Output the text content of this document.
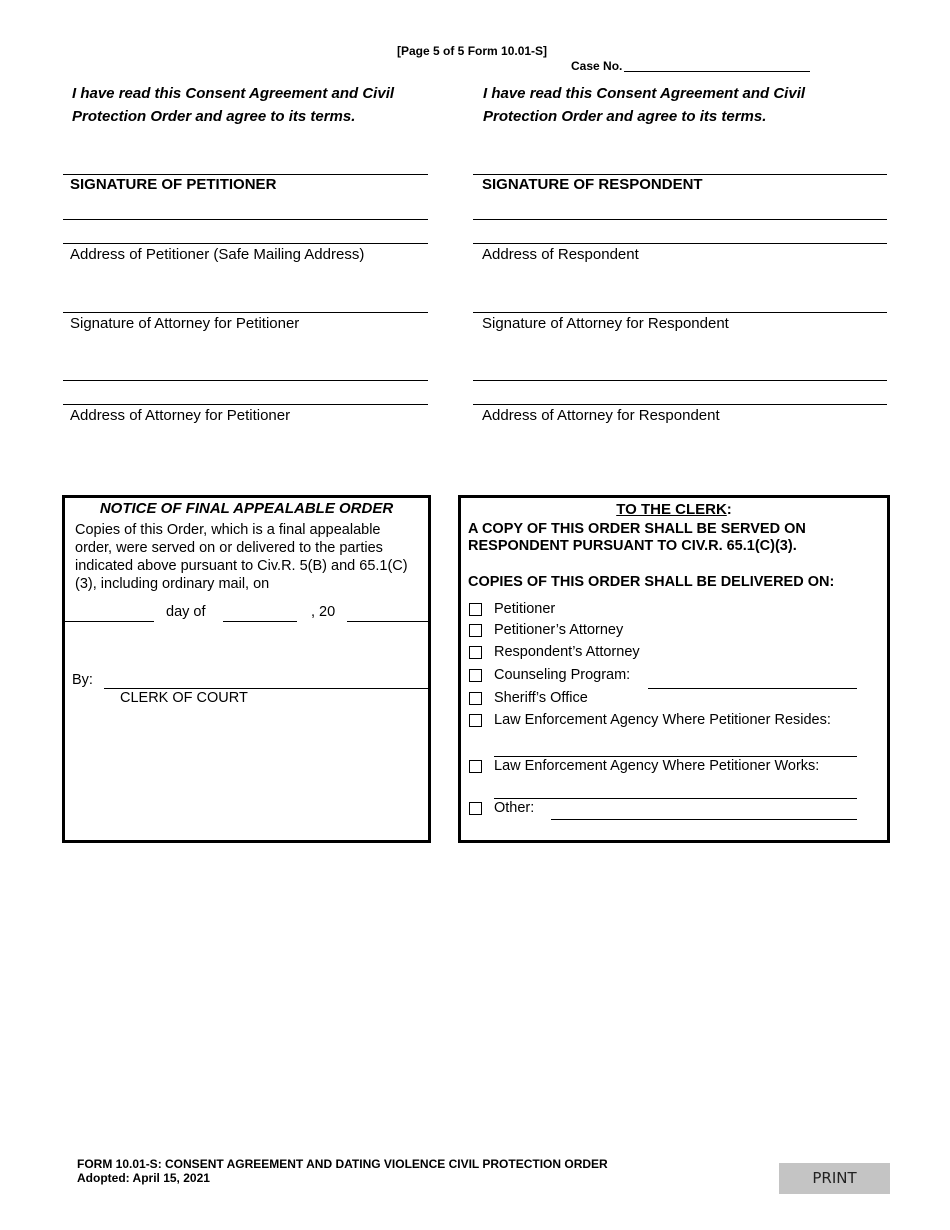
[Page 5 of 5 Form 10.01-S]
Case No.
I have read this Consent Agreement and Civil Protection Order and agree to its terms.
SIGNATURE OF PETITIONER
Address of Petitioner (Safe Mailing Address)
Signature of Attorney for Petitioner
Address of Attorney for Petitioner
I have read this Consent Agreement and Civil Protection Order and agree to its terms.
SIGNATURE OF RESPONDENT
Address of Respondent
Signature of Attorney for Respondent
Address of Attorney for Respondent
NOTICE OF FINAL APPEALABLE ORDER
Copies of this Order, which is a final appealable order, were served on or delivered to the parties indicated above pursuant to Civ.R. 5(B) and 65.1(C)(3), including ordinary mail, on
day of	, 20
By:
CLERK OF COURT
TO THE CLERK:
A COPY OF THIS ORDER SHALL BE SERVED ON RESPONDENT PURSUANT TO CIV.R. 65.1(C)(3).
COPIES OF THIS ORDER SHALL BE DELIVERED ON:
Petitioner
Petitioner’s Attorney
Respondent’s Attorney
Counseling Program:
Sheriff’s Office
Law Enforcement Agency Where Petitioner Resides:
Law Enforcement Agency Where Petitioner Works:
Other:
FORM 10.01-S: CONSENT AGREEMENT AND DATING VIOLENCE CIVIL PROTECTION ORDER
Adopted: April 15, 2021	PRINT
